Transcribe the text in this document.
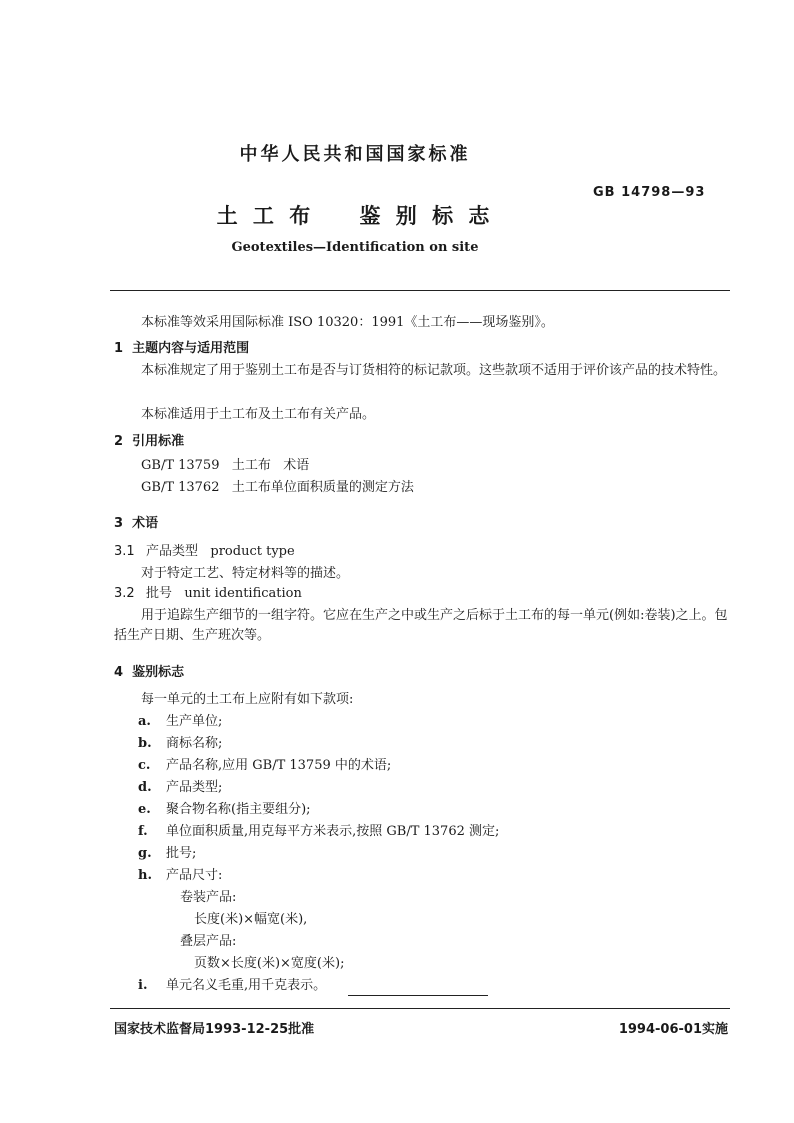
中华人民共和国国家标准
GB 14798—93
土 工 布    鉴 别 标 志
Geotextiles—Identification on site
本标准等效采用国际标准 ISO 10320：1991《土工布——现场鉴别》。
1  主题内容与适用范围
本标准规定了用于鉴别土工布是否与订货相符的标记款项。这些款项不适用于评价该产品的技术特性。
本标准适用于土工布及土工布有关产品。
2  引用标准
GB/T 13759   土工布   术语
GB/T 13762   土工布单位面积质量的测定方法
3  术语
3.1 产品类型   product type
对于特定工艺、特定材料等的描述。
3.2 批号   unit identification
用于追踪生产细节的一组字符。它应在生产之中或生产之后标于土工布的每一单元(例如:卷装)之上。包括生产日期、生产班次等。
4  鉴别标志
每一单元的土工布上应附有如下款项:
a. 生产单位;
b. 商标名称;
c. 产品名称,应用 GB/T 13759 中的术语;
d. 产品类型;
e. 聚合物名称(指主要组分);
f. 单位面积质量,用克每平方米表示,按照 GB/T 13762 测定;
g. 批号;
h. 产品尺寸:
卷装产品:
长度(米)×幅宽(米),
叠层产品:
页数×长度(米)×宽度(米);
i. 单元名义毛重,用千克表示。
国家技术监督局1993-12-25批准	1994-06-01实施
